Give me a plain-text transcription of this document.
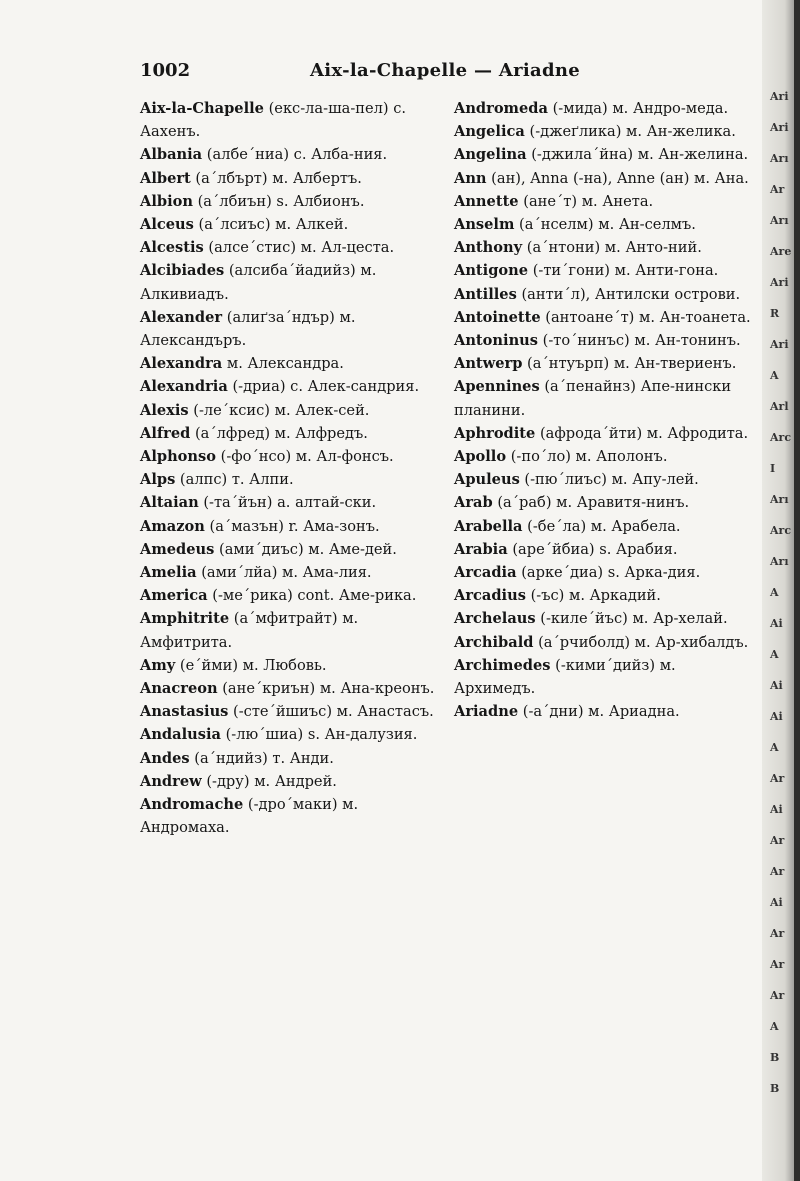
1002	Aix-la-Chapelle — Ariadne

Aix-la-Chapelle (екс-ла-ша-пел) с. Аахенъ.

Albania (албе´ниа) с. Алба-ния.

Albert (а´лбърт) м. Албертъ.

Albion (а´лбиън) s. Албионъ.

Alceus (а´лсиъс) м. Алкей.

Alcestis (алсе´стис) м. Ал-цеста.

Alcibiades (алсиба´йадийз) м. Алкивиадъ.

Alexander (алиґза´ндър) м. Александъръ.

Alexandra м. Александра.

Alexandria (-дриа) с. Алек-сандрия.

Alexis (-ле´ксис) м. Алек-сей.

Alfred (а´лфред) м. Алфредъ.

Alphonso (-фо´нсо) м. Ал-фонсъ.

Alps (алпс) т. Алпи.

Altaian (-та´йън) а. алтай-ски.

Amazon (а´мазън) r. Ама-зонъ.

Amedeus (ами´диъс) м. Аме-дей.

Amelia (ами´лйа) м. Ама-лия.

America (-ме´рика) cont. Аме-рика.

Amphitrite (а´мфитрайт) м. Амфитрита.

Amy (е´йми) м. Любовь.

Anacreon (ане´криън) м. Ана-креонъ.

Anastasius (-сте´йшиъс) м. Анастасъ.

Andalusia (-лю´шиа) s. Ан-далузия.

Andes (а´ндийз) т. Анди.

Andrew (-дру) м. Андрей.

Andromache (-дро´маки) м. Андромаха.

Andromeda (-мида) м. Андро-меда.

Angelica (-джеґлика) м. Ан-желика.

Angelina (-джила´йна) м. Ан-желина.

Ann (ан), Anna (-на), Anne (ан) м. Ана.

Annette (ане´т) м. Анета.

Anselm (а´нселм) м. Ан-селмъ.

Anthony (а´нтони) м. Анто-ний.

Antigone (-ти´гони) м. Анти-гона.

Antilles (анти´л), Антилски острови.

Antoinette (антоане´т) м. Ан-тоанета.

Antoninus (-то´нинъс) м. Ан-тонинъ.

Antwerp (а´нтуърп) м. Ан-твериенъ.

Apennines (а´пенайнз) Апе-нински планини.

Aphrodite (афрода´йти) м. Афродита.

Apollo (-по´ло) м. Аполонъ.

Apuleus (-пю´лиъс) м. Апу-лей.

Arab (а´раб) м. Аравитя-нинъ.

Arabella (-бе´ла) м. Арабела.

Arabia (аре´йбиа) s. Арабия.

Arcadia (арке´диа) s. Арка-дия.

Arcadius (-ъс) м. Аркадий.

Archelaus (-киле´йъс) м. Ар-хелай.

Archibald (а´рчиболд) м. Ар-хибалдъ.

Archimedes (-кими´дийз) м. Архимедъ.

Ariadne (-а´дни) м. Ариадна.

Ari
Ari
Arı
Ar
Arı
Are
Ari
R
Ari
A
Arl
Arc
I
Arı
Arc
Arı
A
Ai
A
Ai
Ai
A
Ar
Ai
Ar
Ar
Ai
Ar
Ar
Ar
A
B
B
